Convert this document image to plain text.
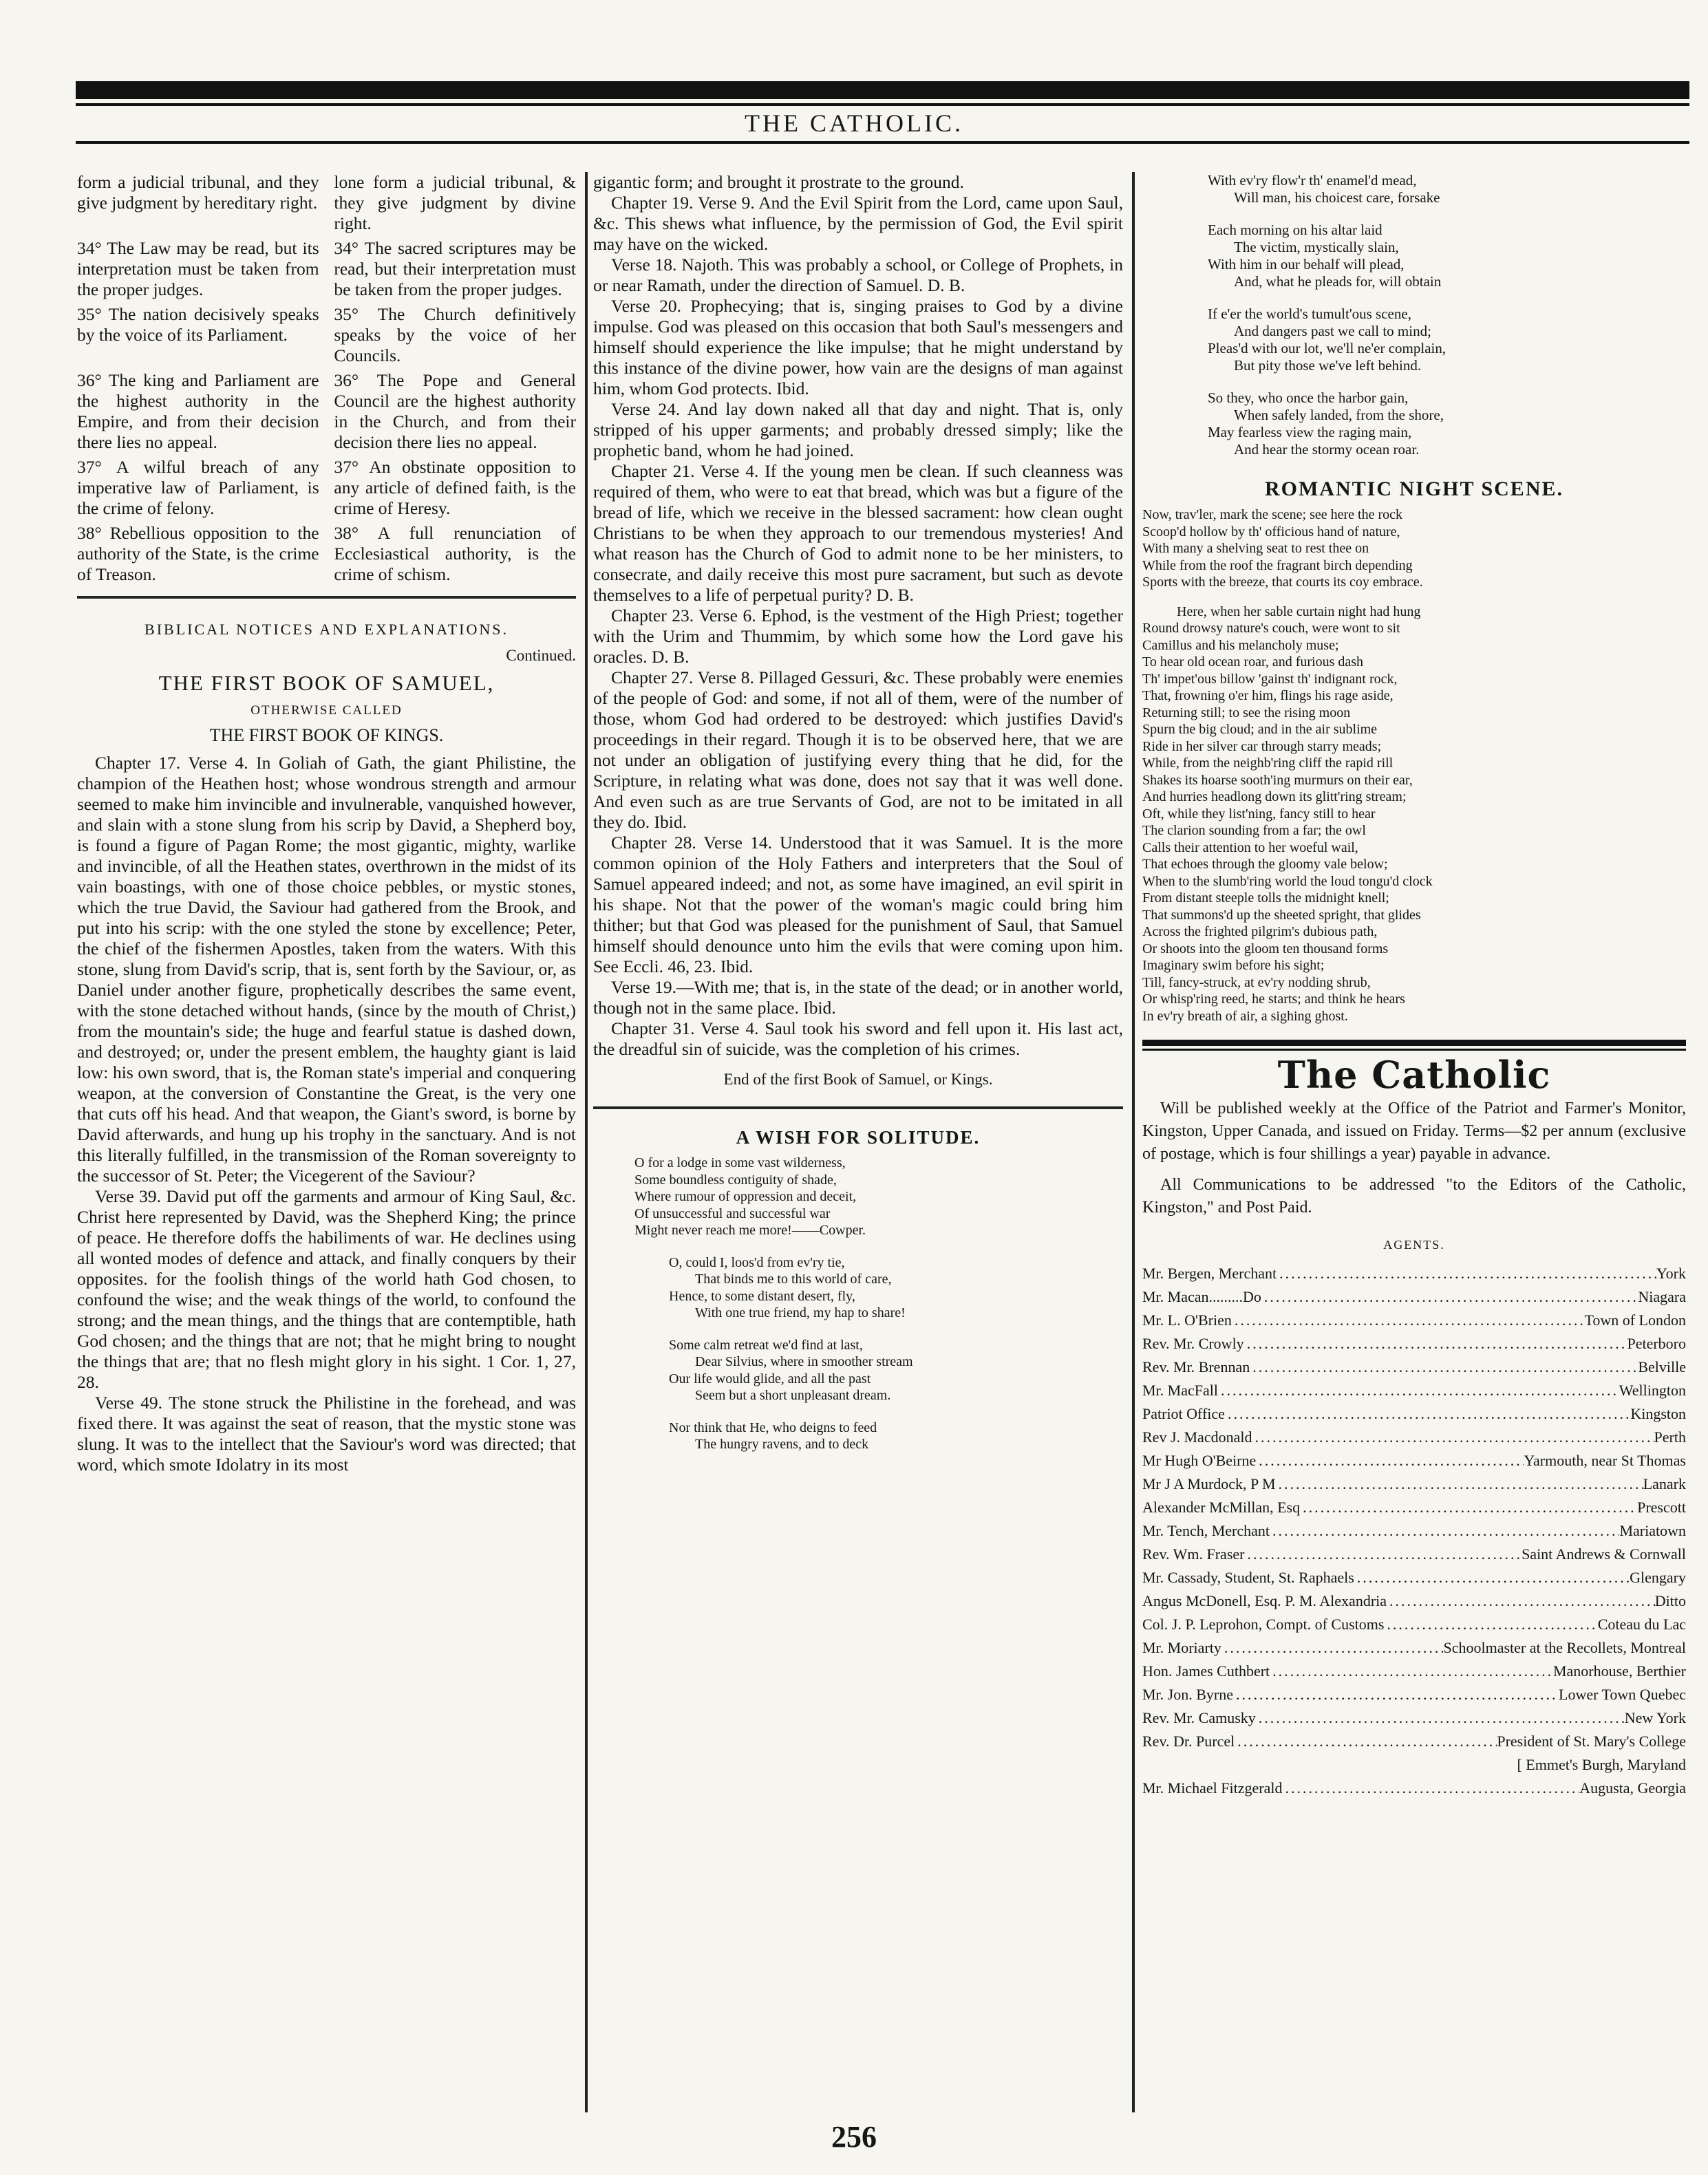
THE CATHOLIC.
form a judicial tribunal, and they give judgment by hereditary right.
lone form a judicial tribunal, & they give judgment by divine right.
34° The Law may be read, but its interpretation must be taken from the proper judges.
34° The sacred scriptures may be read, but their interpretation must be taken from the proper judges.
35° The nation decisively speaks by the voice of its Parliament.
35° The Church definitively speaks by the voice of her Councils.
36° The king and Parliament are the highest authority in the Empire, and from their decision there lies no appeal.
36° The Pope and General Council are the highest authority in the Church, and from their decision there lies no appeal.
37° A wilful breach of any imperative law of Parliament, is the crime of felony.
37° An obstinate opposition to any article of defined faith, is the crime of Heresy.
38° Rebellious opposition to the authority of the State, is the crime of Treason.
38° A full renunciation of Ecclesiastical authority, is the crime of schism.
BIBLICAL NOTICES AND EXPLANATIONS.
Continued.
THE FIRST BOOK OF SAMUEL,
OTHERWISE CALLED
THE FIRST BOOK OF KINGS.

Chapter 17. Verse 4. In Goliah of Gath, the giant Philistine, the champion of the Heathen host; whose wondrous strength and armour seemed to make him invincible and invulnerable, vanquished however, and slain with a stone slung from his scrip by David, a Shepherd boy, is found a figure of Pagan Rome; the most gigantic, mighty, warlike and invincible, of all the Heathen states, overthrown in the midst of its vain boastings, with one of those choice pebbles, or mystic stones, which the true David, the Saviour had gathered from the Brook, and put into his scrip: with the one styled the stone by excellence; Peter, the chief of the fishermen Apostles, taken from the waters. With this stone, slung from David's scrip, that is, sent forth by the Saviour, or, as Daniel under another figure, prophetically describes the same event, with the stone detached without hands, (since by the mouth of Christ,) from the mountain's side; the huge and fearful statue is dashed down, and destroyed; or, under the present emblem, the haughty giant is laid low: his own sword, that is, the Roman state's imperial and conquering weapon, at the conversion of Constantine the Great, is the very one that cuts off his head. And that weapon, the Giant's sword, is borne by David afterwards, and hung up his trophy in the sanctuary. And is not this literally fulfilled, in the transmission of the Roman sovereignty to the successor of St. Peter; the Vicegerent of the Saviour?

Verse 39. David put off the garments and armour of King Saul, &c. Christ here represented by David, was the Shepherd King; the prince of peace. He therefore doffs the habiliments of war. He declines using all wonted modes of defence and attack, and finally conquers by their opposites. for the foolish things of the world hath God chosen, to confound the wise; and the weak things of the world, to confound the strong; and the mean things, and the things that are contemptible, hath God chosen; and the things that are not; that he might bring to nought the things that are; that no flesh might glory in his sight. 1 Cor. 1, 27, 28.

Verse 49. The stone struck the Philistine in the forehead, and was fixed there. It was against the seat of reason, that the mystic stone was slung. It was to the intellect that the Saviour's word was directed; that word, which smote Idolatry in its most

gigantic form; and brought it prostrate to the ground.

Chapter 19. Verse 9. And the Evil Spirit from the Lord, came upon Saul, &c. This shews what influence, by the permission of God, the Evil spirit may have on the wicked.

Verse 18. Najoth. This was probably a school, or College of Prophets, in or near Ramath, under the direction of Samuel. D. B.

Verse 20. Prophecying; that is, singing praises to God by a divine impulse. God was pleased on this occasion that both Saul's messengers and himself should experience the like impulse; that he might understand by this instance of the divine power, how vain are the designs of man against him, whom God protects. Ibid.

Verse 24. And lay down naked all that day and night. That is, only stripped of his upper garments; and probably dressed simply; like the prophetic band, whom he had joined.

Chapter 21. Verse 4. If the young men be clean. If such cleanness was required of them, who were to eat that bread, which was but a figure of the bread of life, which we receive in the blessed sacrament: how clean ought Christians to be when they approach to our tremendous mysteries! And what reason has the Church of God to admit none to be her ministers, to consecrate, and daily receive this most pure sacrament, but such as devote themselves to a life of perpetual purity? D. B.

Chapter 23. Verse 6. Ephod, is the vestment of the High Priest; together with the Urim and Thummim, by which some how the Lord gave his oracles. D. B.

Chapter 27. Verse 8. Pillaged Gessuri, &c. These probably were enemies of the people of God: and some, if not all of them, were of the number of those, whom God had ordered to be destroyed: which justifies David's proceedings in their regard. Though it is to be observed here, that we are not under an obligation of justifying every thing that he did, for the Scripture, in relating what was done, does not say that it was well done. And even such as are true Servants of God, are not to be imitated in all they do. Ibid.

Chapter 28. Verse 14. Understood that it was Samuel. It is the more common opinion of the Holy Fathers and interpreters that the Soul of Samuel appeared indeed; and not, as some have imagined, an evil spirit in his shape. Not that the power of the woman's magic could bring him thither; but that God was pleased for the punishment of Saul, that Samuel himself should denounce unto him the evils that were coming upon him. See Eccli. 46, 23. Ibid.

Verse 19.—With me; that is, in the state of the dead; or in another world, though not in the same place. Ibid.

Chapter 31. Verse 4. Saul took his sword and fell upon it. His last act, the dreadful sin of suicide, was the completion of his crimes.

End of the first Book of Samuel, or Kings.
A WISH FOR SOLITUDE.
O for a lodge in some vast wilderness,
Some boundless contiguity of shade,
Where rumour of oppression and deceit,
Of unsuccessful and successful war
Might never reach me more!——Cowper.
O, could I, loos'd from ev'ry tie,
That binds me to this world of care,
Hence, to some distant desert, fly,
With one true friend, my hap to share!
Some calm retreat we'd find at last,
Dear Silvius, where in smoother stream
Our life would glide, and all the past
Seem but a short unpleasant dream.
Nor think that He, who deigns to feed
The hungry ravens, and to deck
With ev'ry flow'r th' enamel'd mead,
Will man, his choicest care, forsake
Each morning on his altar laid
The victim, mystically slain,
With him in our behalf will plead,
And, what he pleads for, will obtain
If e'er the world's tumult'ous scene,
And dangers past we call to mind;
Pleas'd with our lot, we'll ne'er complain,
But pity those we've left behind.
So they, who once the harbor gain,
When safely landed, from the shore,
May fearless view the raging main,
And hear the stormy ocean roar.
ROMANTIC NIGHT SCENE.
Now, trav'ler, mark the scene; see here the rock
Scoop'd hollow by th' officious hand of nature,
With many a shelving seat to rest thee on
While from the roof the fragrant birch depending
Sports with the breeze, that courts its coy embrace.
Here, when her sable curtain night had hung
Round drowsy nature's couch, were wont to sit
Camillus and his melancholy muse;
To hear old ocean roar, and furious dash
Th' impet'ous billow 'gainst th' indignant rock,
That, frowning o'er him, flings his rage aside,
Returning still; to see the rising moon
Spurn the big cloud; and in the air sublime
Ride in her silver car through starry meads;
While, from the neighb'ring cliff the rapid rill
Shakes its hoarse sooth'ing murmurs on their ear,
And hurries headlong down its glitt'ring stream;
Oft, while they list'ning, fancy still to hear
The clarion sounding from a far; the owl
Calls their attention to her woeful wail,
That echoes through the gloomy vale below;
When to the slumb'ring world the loud tongu'd clock
From distant steeple tolls the midnight knell;
That summons'd up the sheeted spright, that glides
Across the frighted pilgrim's dubious path,
Or shoots into the gloom ten thousand forms
Imaginary swim before his sight;
Till, fancy-struck, at ev'ry nodding shrub,
Or whisp'ring reed, he starts; and think he hears
In ev'ry breath of air, a sighing ghost.
The Catholic

Will be published weekly at the Office of the Patriot and Farmer's Monitor, Kingston, Upper Canada, and issued on Friday. Terms—$2 per annum (exclusive of postage, which is four shillings a year) payable in advance.

All Communications to be addressed "to the Editors of the Catholic, Kingston," and Post Paid.

AGENTS.
Mr. Bergen, Merchant .....	York
Mr. Macan.........Do .....	Niagara
Mr. L. O'Brien .....	Town of London
Rev. Mr. Crowly .....	Peterboro
Rev. Mr. Brennan .....	Belville
Mr. MacFall .....	Wellington
Patriot Office .....	Kingston
Rev J. Macdonald .....	Perth
Mr Hugh O'Beirne .....	Yarmouth, near St Thomas
Mr J A Murdock, P M .....	Lanark
Alexander McMillan, Esq .....	Prescott
Mr. Tench, Merchant .....	Mariatown
Rev. Wm. Fraser .....	Saint Andrews & Cornwall
Mr. Cassady, Student, St. Raphaels .....	Glengary
Angus McDonell, Esq. P. M. Alexandria .....	Ditto
Col. J. P. Leprohon, Compt. of Customs .....	Coteau du Lac
Mr. Moriarty .....	Schoolmaster at the Recollets, Montreal
Hon. James Cuthbert .....	Manorhouse, Berthier
Mr. Jon. Byrne .....	Lower Town Quebec
Rev. Mr. Camusky .....	New York
Rev. Dr. Purcel .....	President of St. Mary's College
[ Emmet's Burgh, Maryland
Mr. Michael Fitzgerald .....	Augusta, Georgia
256
